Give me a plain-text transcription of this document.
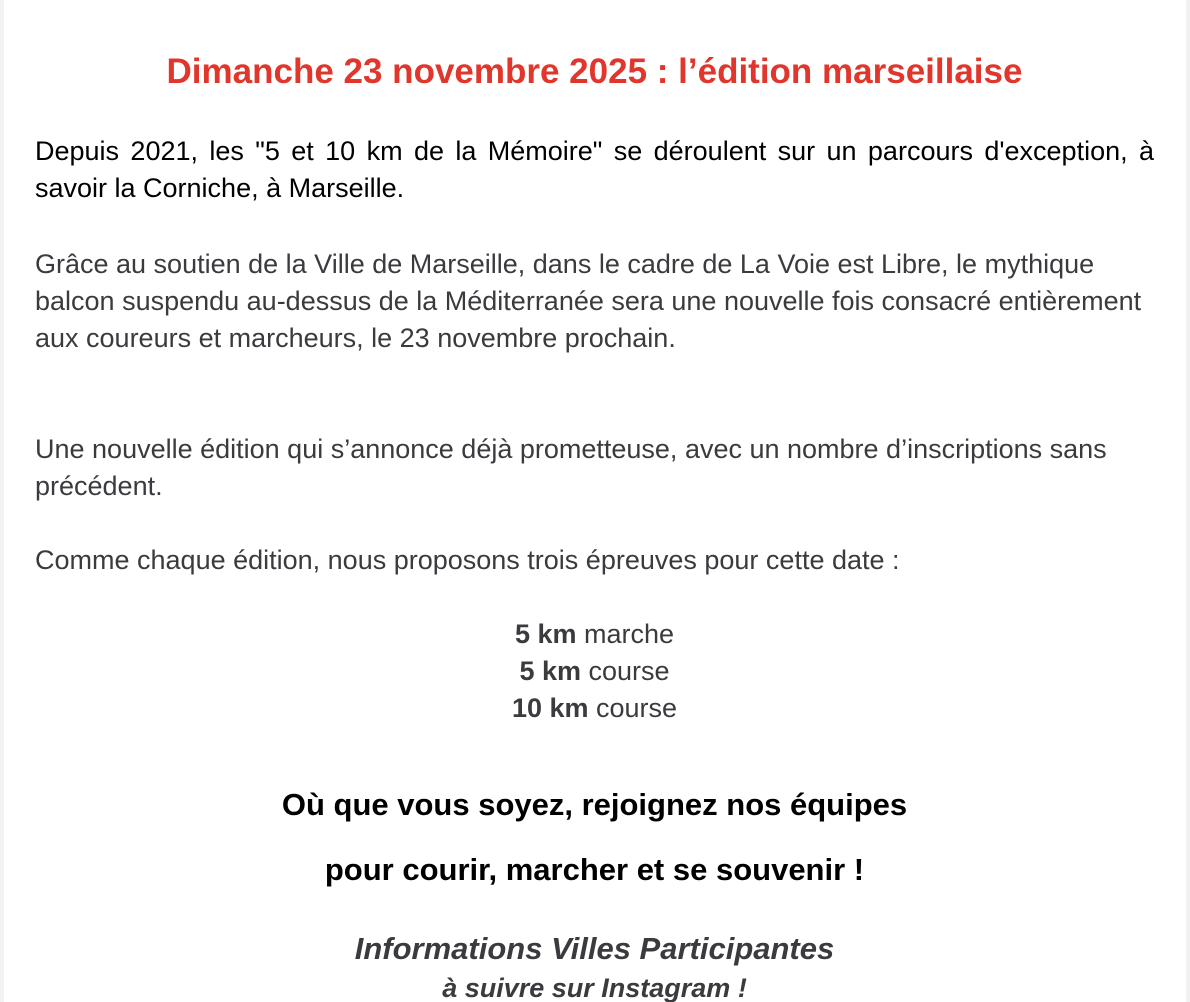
Dimanche 23 novembre 2025 : l’édition marseillaise
Depuis 2021, les "5 et 10 km de la Mémoire" se déroulent sur un parcours d'exception, à savoir la Corniche, à Marseille.
Grâce au soutien de la Ville de Marseille, dans le cadre de La Voie est Libre, le mythique balcon suspendu au-dessus de la Méditerranée sera une nouvelle fois consacré entièrement aux coureurs et marcheurs, le 23 novembre prochain.
Une nouvelle édition qui s’annonce déjà prometteuse, avec un nombre d’inscriptions sans précédent.
Comme chaque édition, nous proposons trois épreuves pour cette date :
5 km marche
5 km course
10 km course
Où que vous soyez, rejoignez nos équipes
pour courir, marcher et se souvenir !
Informations Villes Participantes
à suivre sur Instagram !
